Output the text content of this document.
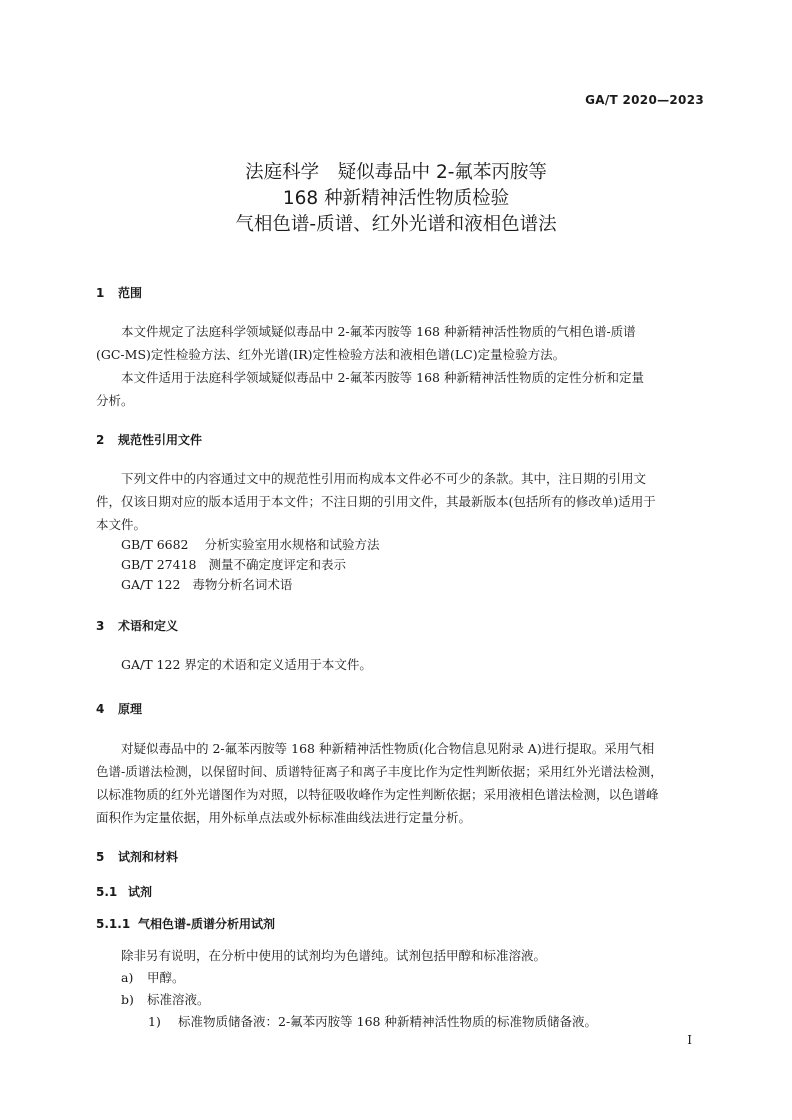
GA/T 2020—2023
法庭科学　疑似毒品中 2-氟苯丙胺等
168 种新精神活性物质检验
气相色谱-质谱、红外光谱和液相色谱法
1 范围
本文件规定了法庭科学领域疑似毒品中 2-氟苯丙胺等 168 种新精神活性物质的气相色谱-质谱
(GC-MS)定性检验方法、红外光谱(IR)定性检验方法和液相色谱(LC)定量检验方法。
本文件适用于法庭科学领域疑似毒品中 2-氟苯丙胺等 168 种新精神活性物质的定性分析和定量
分析。
2 规范性引用文件
下列文件中的内容通过文中的规范性引用而构成本文件必不可少的条款。其中，注日期的引用文
件，仅该日期对应的版本适用于本文件；不注日期的引用文件，其最新版本(包括所有的修改单)适用于
本文件。
GB/T 6682 分析实验室用水规格和试验方法
GB/T 27418 测量不确定度评定和表示
GA/T 122 毒物分析名词术语
3 术语和定义
GA/T 122 界定的术语和定义适用于本文件。
4 原理
对疑似毒品中的 2-氟苯丙胺等 168 种新精神活性物质(化合物信息见附录 A)进行提取。采用气相
色谱-质谱法检测，以保留时间、质谱特征离子和离子丰度比作为定性判断依据；采用红外光谱法检测，
以标准物质的红外光谱图作为对照，以特征吸收峰作为定性判断依据；采用液相色谱法检测，以色谱峰
面积作为定量依据，用外标单点法或外标标准曲线法进行定量分析。
5 试剂和材料
5.1 试剂
5.1.1 气相色谱-质谱分析用试剂
除非另有说明，在分析中使用的试剂均为色谱纯。试剂包括甲醇和标准溶液。
a) 甲醇。
b) 标准溶液。
1) 标准物质储备液：2-氟苯丙胺等 168 种新精神活性物质的标准物质储备液。
I
